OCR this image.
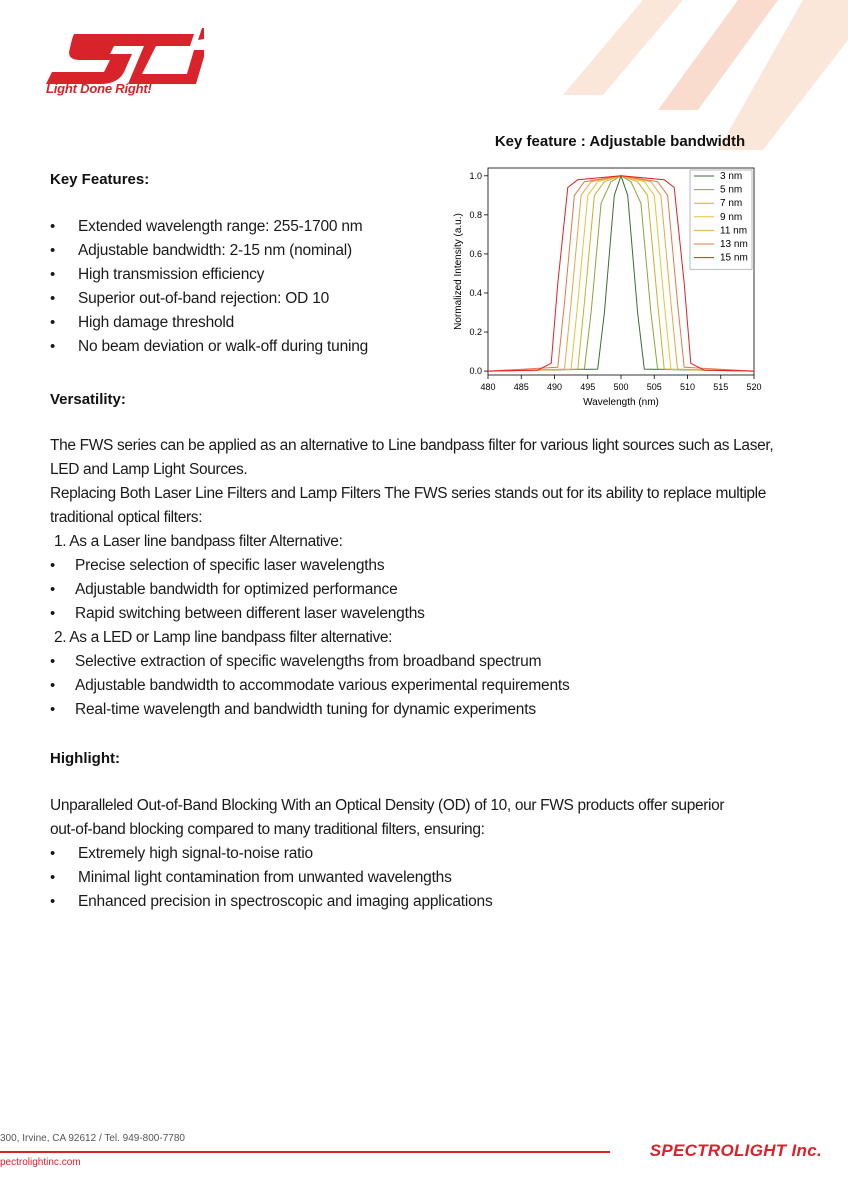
Light Done Right!
Key feature : Adjustable bandwidth
480 485 490 495 500 505 510 515 520
0.0
0.2
0.4
0.6
0.8
1.0
Wavelength (nm)
Normalized Intensity (a.u.)
3 nm
5 nm
7 nm
9 nm
11 nm
13 nm
15 nm
Key Features:
• Extended wavelength range: 255-1700 nm
• Adjustable bandwidth: 2-15 nm (nominal)
• High transmission efficiency
• Superior out-of-band rejection: OD 10
• High damage threshold
• No beam deviation or walk-off during tuning
Versatility:
The FWS series can be applied as an alternative to Line bandpass filter for various light sources such as Laser,
LED and Lamp Light Sources.
Replacing Both Laser Line Filters and Lamp Filters The FWS series stands out for its ability to replace multiple
traditional optical filters:
1. As a Laser line bandpass filter Alternative:
• Precise selection of specific laser wavelengths
• Adjustable bandwidth for optimized performance
• Rapid switching between different laser wavelengths
2. As a LED or Lamp line bandpass filter alternative:
• Selective extraction of specific wavelengths from broadband spectrum
• Adjustable bandwidth to accommodate various experimental requirements
• Real-time wavelength and bandwidth tuning for dynamic experiments
Highlight:
Unparalleled Out-of-Band Blocking With an Optical Density (OD) of 10, our FWS products offer superior
out-of-band blocking compared to many traditional filters, ensuring:
• Extremely high signal-to-noise ratio
• Minimal light contamination from unwanted wavelengths
• Enhanced precision in spectroscopic and imaging applications
300, Irvine, CA 92612 / Tel. 949-800-7780
pectrolightinc.com
SPECTROLIGHT Inc.
